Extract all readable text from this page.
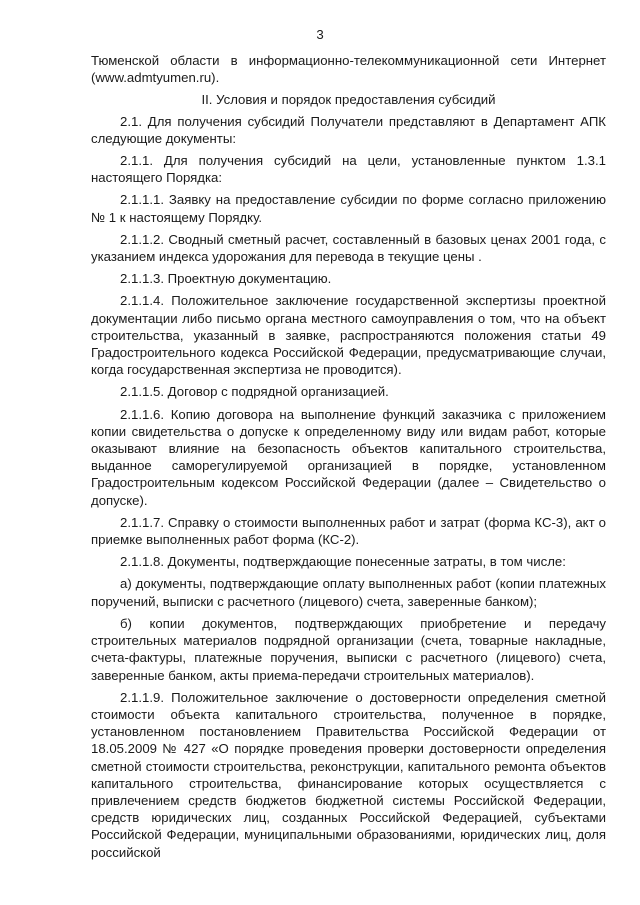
3

Тюменской области в информационно-телекоммуникационной сети Интернет (www.admtyumen.ru).

II. Условия и порядок предоставления субсидий

2.1. Для получения субсидий Получатели представляют в Департамент АПК следующие документы:

2.1.1. Для получения субсидий на цели, установленные пунктом 1.3.1 настоящего Порядка:

2.1.1.1. Заявку на предоставление субсидии по форме согласно приложению № 1 к настоящему Порядку.

2.1.1.2. Сводный сметный расчет, составленный в базовых ценах 2001 года, с указанием индекса удорожания для перевода в текущие цены .

2.1.1.3. Проектную документацию.

2.1.1.4. Положительное заключение государственной экспертизы проектной документации либо письмо органа местного самоуправления о том, что на объект строительства, указанный в заявке, распространяются положения статьи 49 Градостроительного кодекса Российской Федерации, предусматривающие случаи, когда государственная экспертиза не проводится).

2.1.1.5. Договор с подрядной организацией.

2.1.1.6. Копию договора на выполнение функций заказчика с приложением копии свидетельства о допуске к определенному виду или видам работ, которые оказывают влияние на безопасность объектов капитального строительства, выданное саморегулируемой организацией в порядке, установленном Градостроительным кодексом Российской Федерации (далее – Свидетельство о допуске).

2.1.1.7. Справку о стоимости выполненных работ и затрат (форма КС-3), акт о приемке выполненных работ форма (КС-2).

2.1.1.8. Документы, подтверждающие понесенные затраты, в том числе:

а) документы, подтверждающие оплату выполненных работ (копии платежных поручений, выписки с расчетного (лицевого) счета, заверенные банком);

б) копии документов, подтверждающих приобретение и передачу строительных материалов подрядной организации (счета, товарные накладные, счета-фактуры, платежные поручения, выписки с расчетного (лицевого) счета, заверенные банком, акты приема-передачи строительных материалов).

2.1.1.9. Положительное заключение о достоверности определения сметной стоимости объекта капитального строительства, полученное в порядке, установленном постановлением Правительства Российской Федерации от 18.05.2009 № 427 «О порядке проведения проверки достоверности определения сметной стоимости строительства, реконструкции, капитального ремонта объектов капитального строительства, финансирование которых осуществляется с привлечением средств бюджетов бюджетной системы Российской Федерации, средств юридических лиц, созданных Российской Федерацией, субъектами Российской Федерации, муниципальными образованиями, юридических лиц, доля российской
